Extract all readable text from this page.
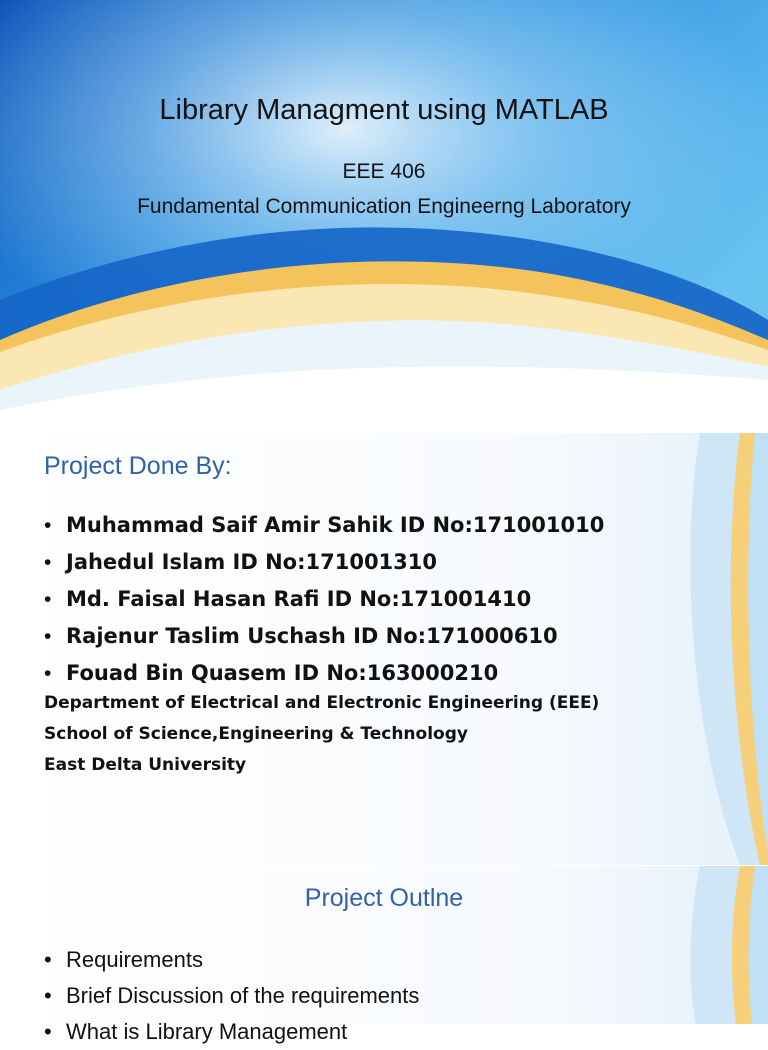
Library Managment using MATLAB
EEE 406
Fundamental Communication Engineerng Laboratory
Project Done By:
• Muhammad Saif Amir Sahik ID No:171001010
• Jahedul Islam ID No:171001310
• Md. Faisal Hasan Rafi ID No:171001410
• Rajenur Taslim Uschash ID No:171000610
• Fouad Bin Quasem ID No:163000210
Department of Electrical and Electronic Engineering (EEE)
School of Science,Engineering & Technology
East Delta University
Project Outlne
• Requirements
• Brief Discussion of the requirements
• What is Library Management
